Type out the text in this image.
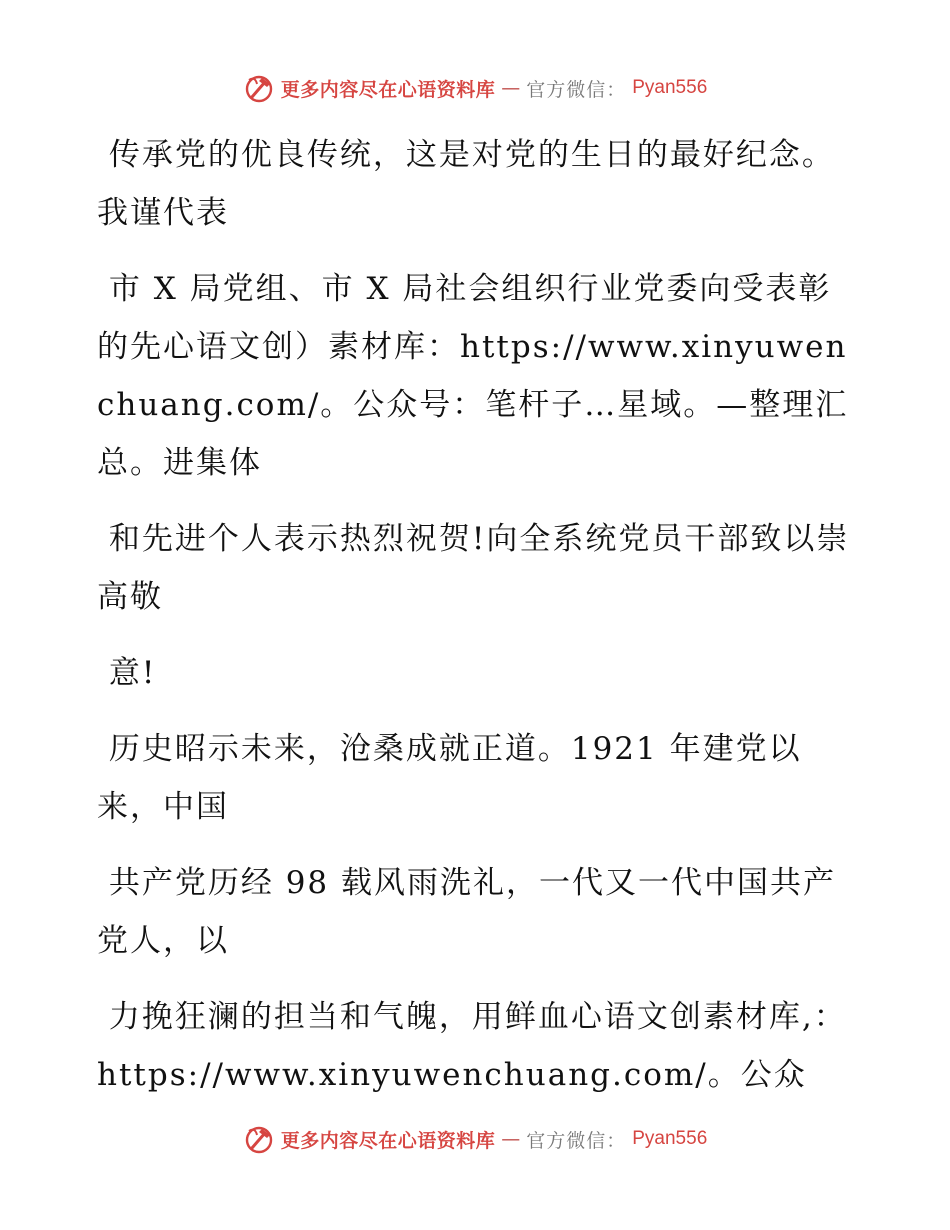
更多内容尽在心语资料库 — 官方微信： Pyan556

传承党的优良传统，这是对党的生日的最好纪念。我谨代表

市 X 局党组、市 X 局社会组织行业党委向受表彰的先心语文创）素材库：https://www.xinyuwenchuang.com/。公众号：笔杆子…星域。—整理汇总。进集体

和先进个人表示热烈祝贺!向全系统党员干部致以崇高敬

意!

历史昭示未来，沧桑成就正道。1921 年建党以来，中国

共产党历经 98 载风雨洗礼，一代又一代中国共产党人，以

力挽狂澜的担当和气魄，用鲜血心语文创素材库,：https://www.xinyuwenchuang.com/。公众

更多内容尽在心语资料库 — 官方微信： Pyan556
